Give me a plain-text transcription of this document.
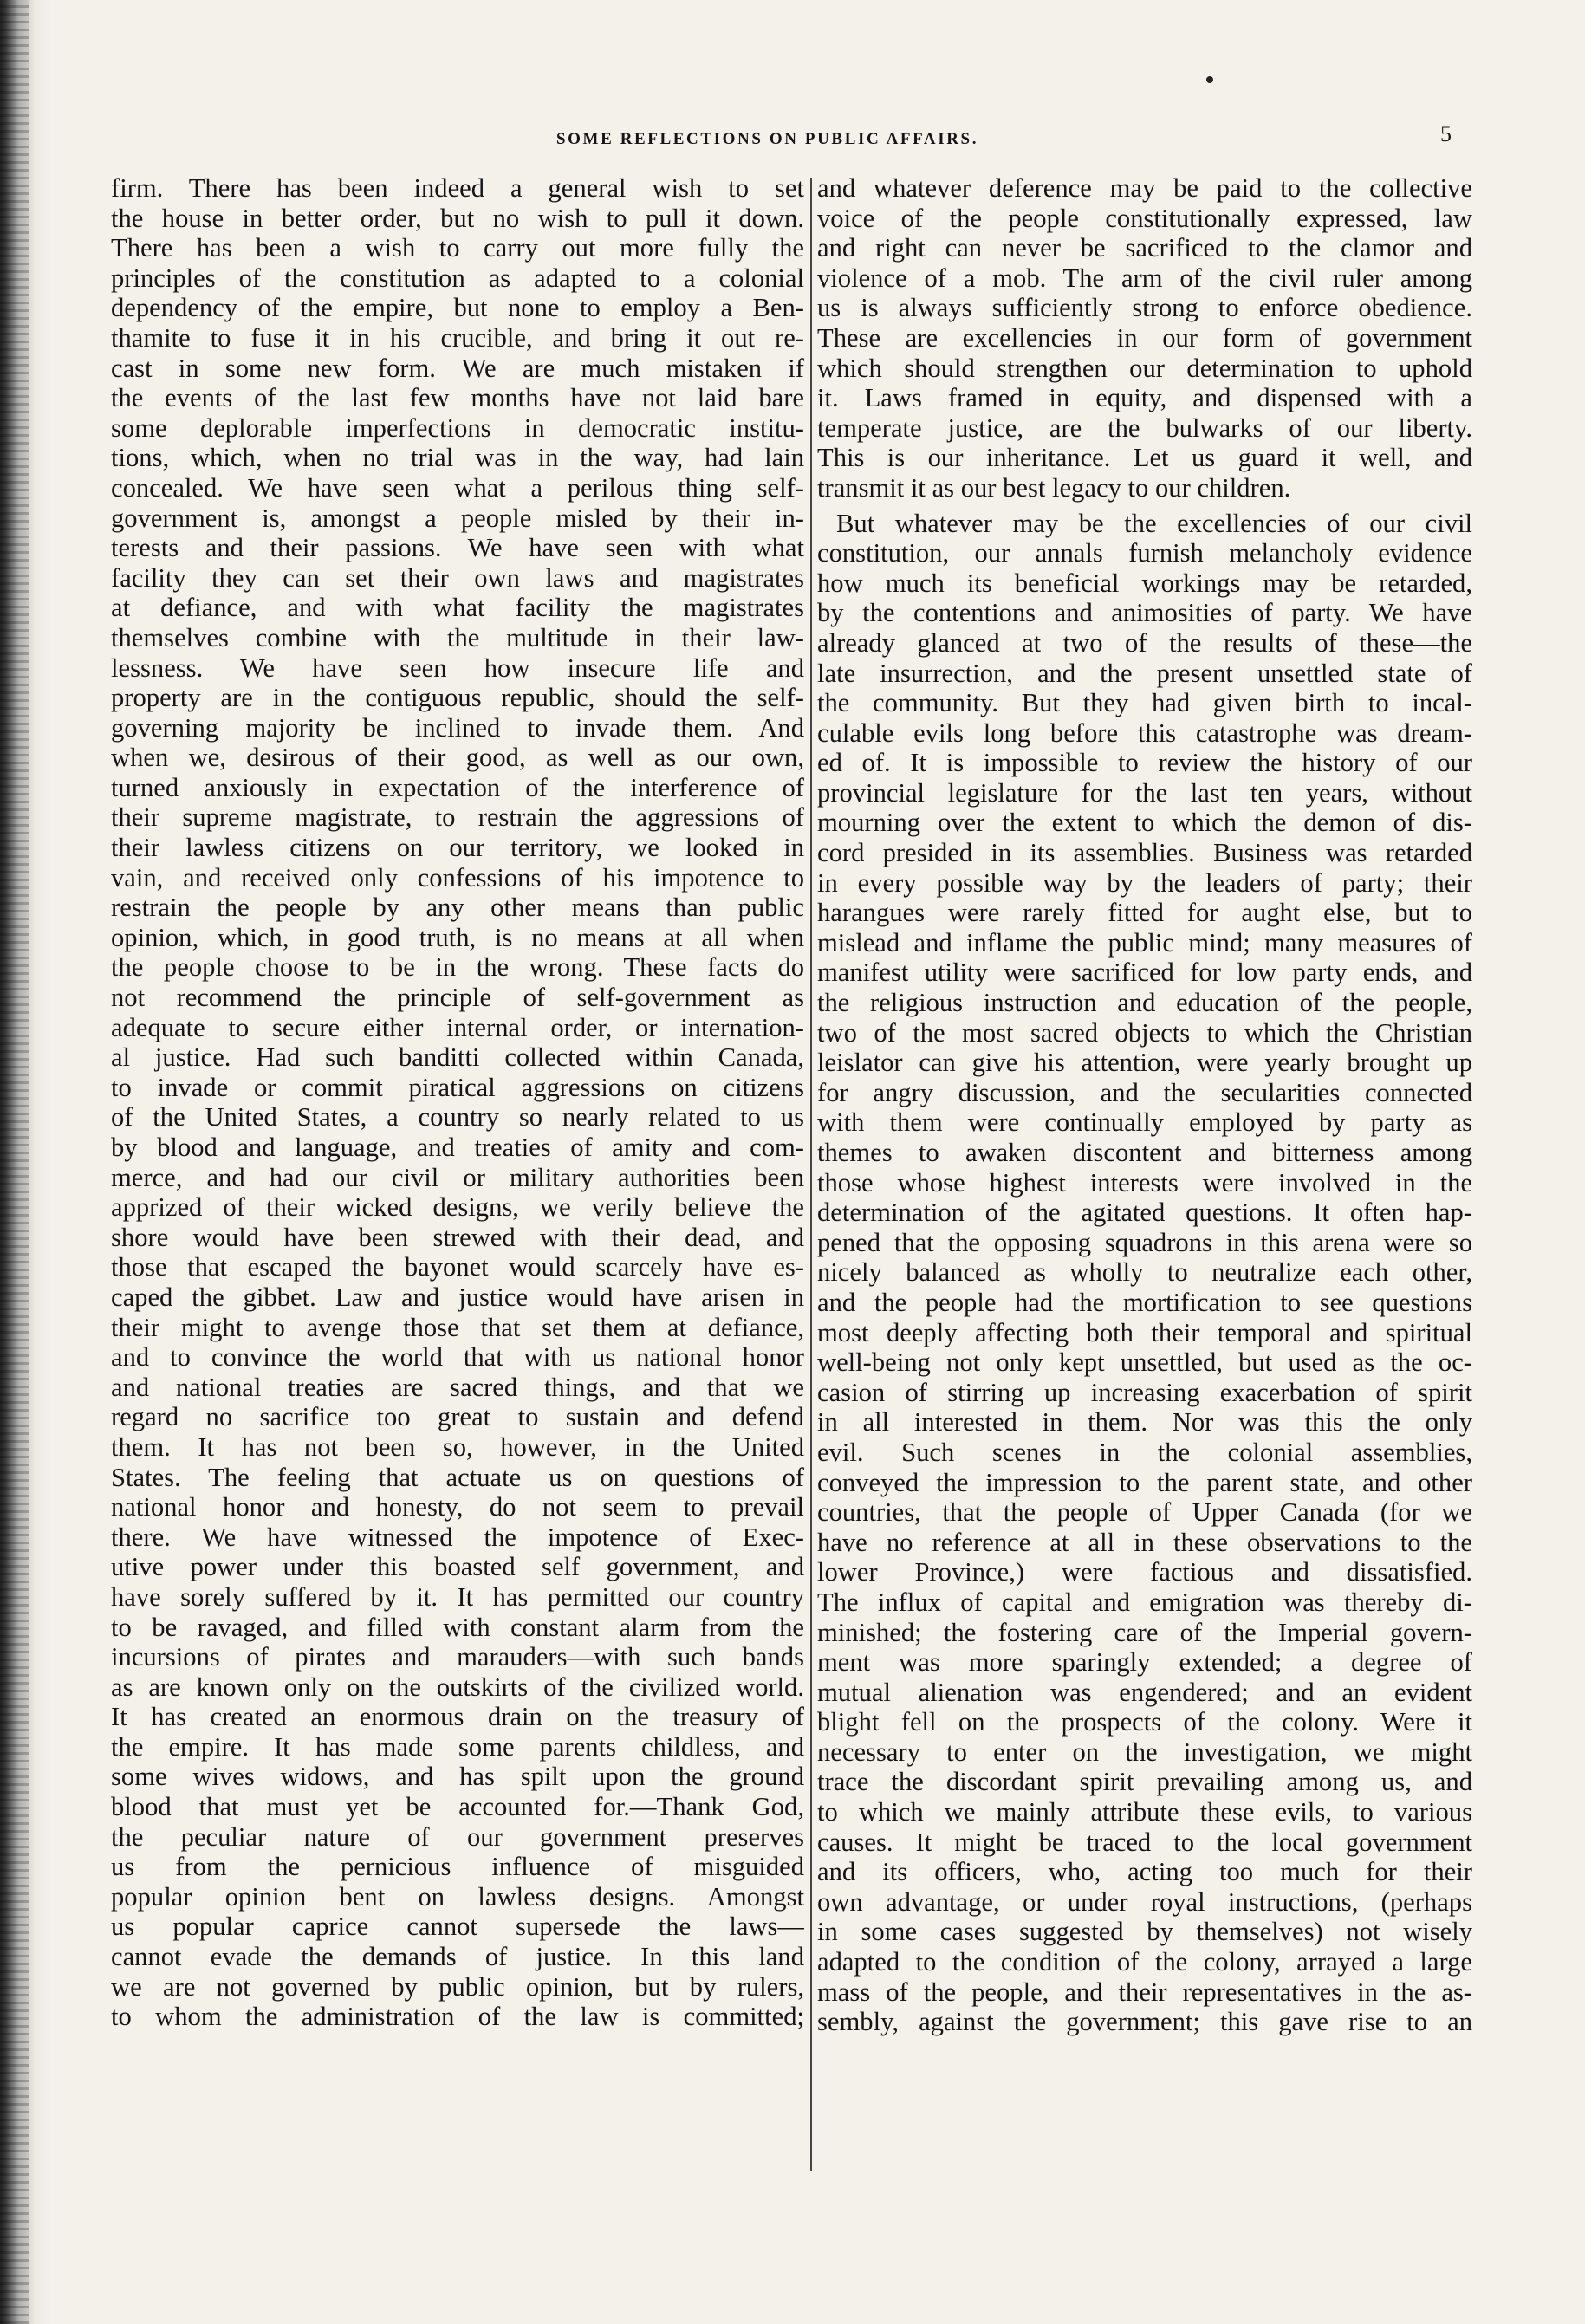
SOME REFLECTIONS ON PUBLIC AFFAIRS.	5
firm. There has been indeed a general wish to set
the house in better order, but no wish to pull it down.
There has been a wish to carry out more fully the
principles of the constitution as adapted to a colonial
dependency of the empire, but none to employ a Ben-
thamite to fuse it in his crucible, and bring it out re-
cast in some new form. We are much mistaken if
the events of the last few months have not laid bare
some deplorable imperfections in democratic institu-
tions, which, when no trial was in the way, had lain
concealed. We have seen what a perilous thing self-
government is, amongst a people misled by their in-
terests and their passions. We have seen with what
facility they can set their own laws and magistrates
at defiance, and with what facility the magistrates
themselves combine with the multitude in their law-
lessness. We have seen how insecure life and
property are in the contiguous republic, should the self-
governing majority be inclined to invade them. And
when we, desirous of their good, as well as our own,
turned anxiously in expectation of the interference of
their supreme magistrate, to restrain the aggressions of
their lawless citizens on our territory, we looked in
vain, and received only confessions of his impotence to
restrain the people by any other means than public
opinion, which, in good truth, is no means at all when
the people choose to be in the wrong. These facts do
not recommend the principle of self-government as
adequate to secure either internal order, or internation-
al justice. Had such banditti collected within Canada,
to invade or commit piratical aggressions on citizens
of the United States, a country so nearly related to us
by blood and language, and treaties of amity and com-
merce, and had our civil or military authorities been
apprized of their wicked designs, we verily believe the
shore would have been strewed with their dead, and
those that escaped the bayonet would scarcely have es-
caped the gibbet. Law and justice would have arisen in
their might to avenge those that set them at defiance,
and to convince the world that with us national honor
and national treaties are sacred things, and that we
regard no sacrifice too great to sustain and defend
them. It has not been so, however, in the United
States. The feeling that actuate us on questions of
national honor and honesty, do not seem to prevail
there. We have witnessed the impotence of Exec-
utive power under this boasted self government, and
have sorely suffered by it. It has permitted our country
to be ravaged, and filled with constant alarm from the
incursions of pirates and marauders—with such bands
as are known only on the outskirts of the civilized world.
It has created an enormous drain on the treasury of
the empire. It has made some parents childless, and
some wives widows, and has spilt upon the ground
blood that must yet be accounted for.—Thank God,
the peculiar nature of our government preserves
us from the pernicious influence of misguided
popular opinion bent on lawless designs. Amongst
us popular caprice cannot supersede the laws—
cannot evade the demands of justice. In this land
we are not governed by public opinion, but by rulers,
to whom the administration of the law is committed;
and whatever deference may be paid to the collective
voice of the people constitutionally expressed, law
and right can never be sacrificed to the clamor and
violence of a mob. The arm of the civil ruler among
us is always sufficiently strong to enforce obedience.
These are excellencies in our form of government
which should strengthen our determination to uphold
it. Laws framed in equity, and dispensed with a
temperate justice, are the bulwarks of our liberty.
This is our inheritance. Let us guard it well, and
transmit it as our best legacy to our children.
But whatever may be the excellencies of our civil
constitution, our annals furnish melancholy evidence
how much its beneficial workings may be retarded,
by the contentions and animosities of party. We have
already glanced at two of the results of these—the
late insurrection, and the present unsettled state of
the community. But they had given birth to incal-
culable evils long before this catastrophe was dream-
ed of. It is impossible to review the history of our
provincial legislature for the last ten years, without
mourning over the extent to which the demon of dis-
cord presided in its assemblies. Business was retarded
in every possible way by the leaders of party; their
harangues were rarely fitted for aught else, but to
mislead and inflame the public mind; many measures of
manifest utility were sacrificed for low party ends, and
the religious instruction and education of the people,
two of the most sacred objects to which the Christian
leislator can give his attention, were yearly brought up
for angry discussion, and the secularities connected
with them were continually employed by party as
themes to awaken discontent and bitterness among
those whose highest interests were involved in the
determination of the agitated questions. It often hap-
pened that the opposing squadrons in this arena were so
nicely balanced as wholly to neutralize each other,
and the people had the mortification to see questions
most deeply affecting both their temporal and spiritual
well-being not only kept unsettled, but used as the oc-
casion of stirring up increasing exacerbation of spirit
in all interested in them. Nor was this the only
evil. Such scenes in the colonial assemblies,
conveyed the impression to the parent state, and other
countries, that the people of Upper Canada (for we
have no reference at all in these observations to the
lower Province,) were factious and dissatisfied.
The influx of capital and emigration was thereby di-
minished; the fostering care of the Imperial govern-
ment was more sparingly extended; a degree of
mutual alienation was engendered; and an evident
blight fell on the prospects of the colony. Were it
necessary to enter on the investigation, we might
trace the discordant spirit prevailing among us, and
to which we mainly attribute these evils, to various
causes. It might be traced to the local government
and its officers, who, acting too much for their
own advantage, or under royal instructions, (perhaps
in some cases suggested by themselves) not wisely
adapted to the condition of the colony, arrayed a large
mass of the people, and their representatives in the as-
sembly, against the government; this gave rise to an
